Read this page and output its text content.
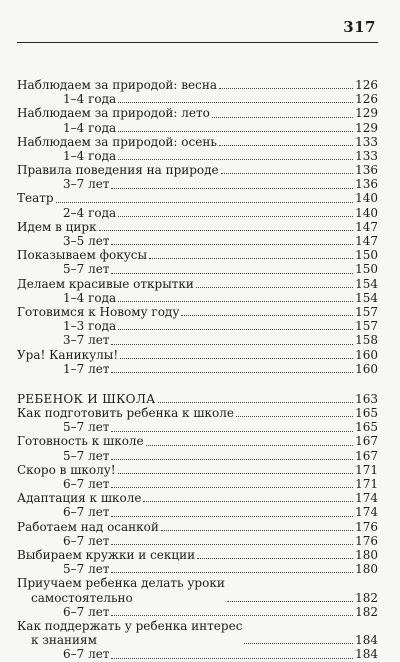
317
Наблюдаем за природой: весна	126
1–4 года	126
Наблюдаем за природой: лето	129
1–4 года	129
Наблюдаем за природой: осень	133
1–4 года	133
Правила поведения на природе	136
3–7 лет	136
Театр	140
2–4 года	140
Идем в цирк	147
3–5 лет	147
Показываем фокусы	150
5–7 лет	150
Делаем красивые открытки	154
1–4 года	154
Готовимся к Новому году	157
1–3 года	157
3–7 лет	158
Ура! Каникулы!	160
1–7 лет	160
РЕБЕНОК И ШКОЛА	163
Как подготовить ребенка к школе	165
5–7 лет	165
Готовность к школе	167
5–7 лет	167
Скоро в школу!	171
6–7 лет	171
Адаптация к школе	174
6–7 лет	174
Работаем над осанкой	176
6–7 лет	176
Выбираем кружки и секции	180
5–7 лет	180
Приучаем ребенка делать уроки
самостоятельно	182
6–7 лет	182
Как поддержать у ребенка интерес
к знаниям	184
6–7 лет	184
